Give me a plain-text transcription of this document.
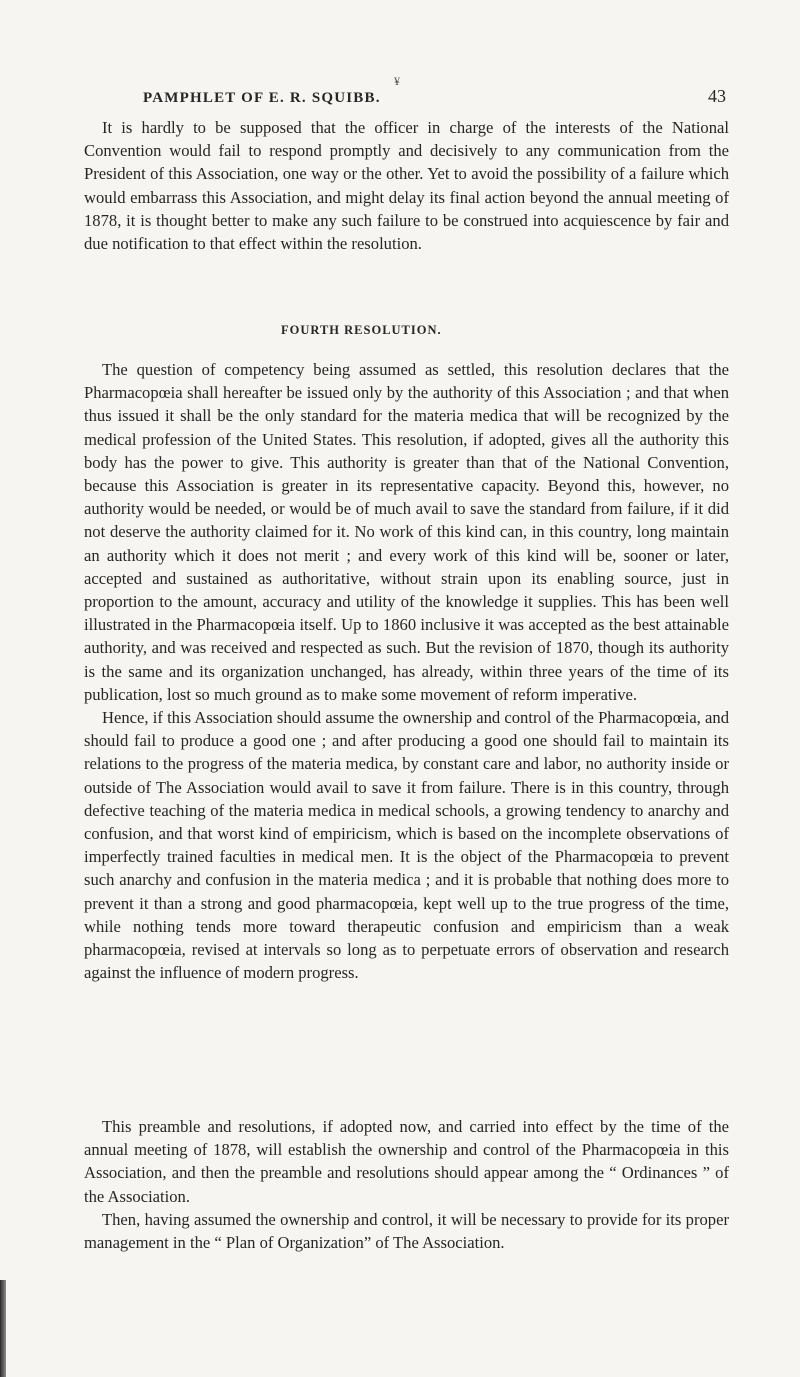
¥
PAMPHLET OF E. R. SQUIBB.	43

It is hardly to be supposed that the officer in charge of the interests of the National Convention would fail to respond promptly and decisively to any communication from the President of this Association, one way or the other. Yet to avoid the possibility of a failure which would embarrass this Association, and might delay its final action beyond the annual meeting of 1878, it is thought better to make any such failure to be construed into acquiescence by fair and due notification to that effect within the resolution.

FOURTH RESOLUTION.

The question of competency being assumed as settled, this resolution declares that the Pharmacopœia shall hereafter be issued only by the authority of this Association ; and that when thus issued it shall be the only standard for the materia medica that will be recognized by the medical profession of the United States. This resolution, if adopted, gives all the authority this body has the power to give. This authority is greater than that of the National Convention, because this Association is greater in its representative capacity. Beyond this, however, no authority would be needed, or would be of much avail to save the standard from failure, if it did not deserve the authority claimed for it. No work of this kind can, in this country, long maintain an authority which it does not merit ; and every work of this kind will be, sooner or later, accepted and sustained as authoritative, without strain upon its enabling source, just in proportion to the amount, accuracy and utility of the knowledge it supplies. This has been well illustrated in the Pharmacopœia itself. Up to 1860 inclusive it was accepted as the best attainable authority, and was received and respected as such. But the revision of 1870, though its authority is the same and its organization unchanged, has already, within three years of the time of its publication, lost so much ground as to make some movement of reform imperative.

Hence, if this Association should assume the ownership and control of the Pharmacopœia, and should fail to produce a good one ; and after producing a good one should fail to maintain its relations to the progress of the materia medica, by constant care and labor, no authority inside or outside of The Association would avail to save it from failure. There is in this country, through defective teaching of the materia medica in medical schools, a growing tendency to anarchy and confusion, and that worst kind of empiricism, which is based on the incomplete observations of imperfectly trained faculties in medical men. It is the object of the Pharmacopœia to prevent such anarchy and confusion in the materia medica ; and it is probable that nothing does more to prevent it than a strong and good pharmacopœia, kept well up to the true progress of the time, while nothing tends more toward therapeutic confusion and empiricism than a weak pharmacopœia, revised at intervals so long as to perpetuate errors of observation and research against the influence of modern progress.

This preamble and resolutions, if adopted now, and carried into effect by the time of the annual meeting of 1878, will establish the ownership and control of the Pharmacopœia in this Association, and then the preamble and resolutions should appear among the “ Ordinances ” of the Association.

Then, having assumed the ownership and control, it will be necessary to provide for its proper management in the “ Plan of Organization” of The Association.
